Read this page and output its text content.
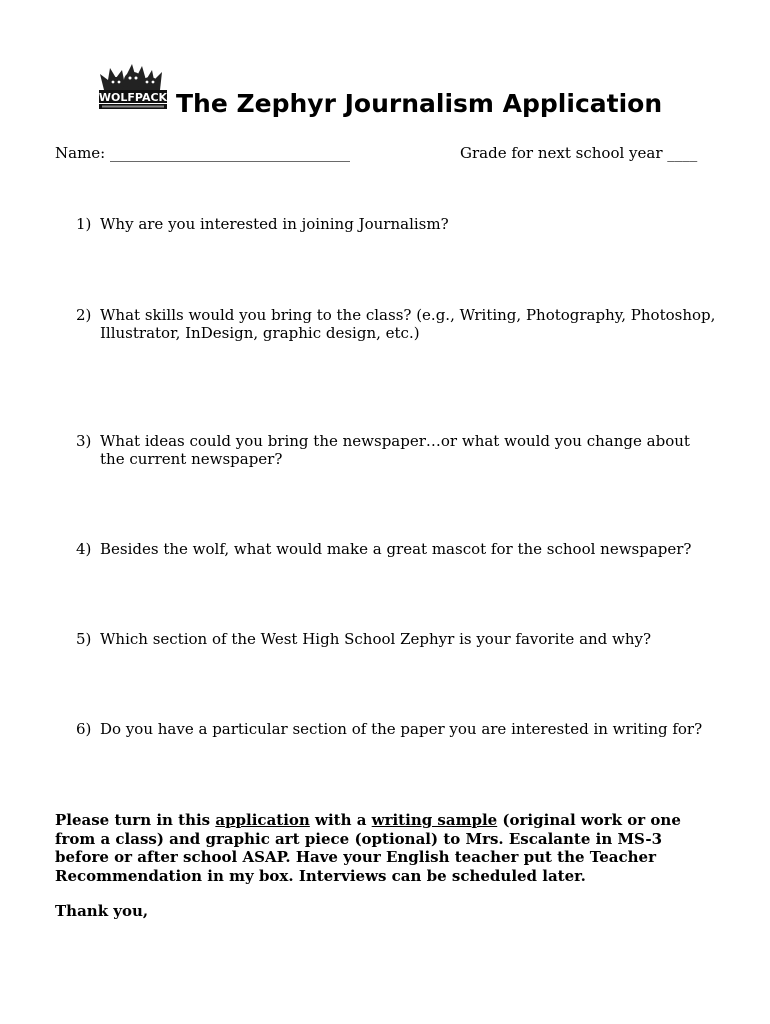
WOLFPACK The Zephyr Journalism Application
Name: ________________________________	Grade for next school year ____
1) Why are you interested in joining Journalism?
2) What skills would you bring to the class? (e.g., Writing, Photography, Photoshop, Illustrator, InDesign, graphic design, etc.)
3) What ideas could you bring the newspaper…or what would you change about the current newspaper?
4) Besides the wolf, what would make a great mascot for the school newspaper?
5) Which section of the West High School Zephyr is your favorite and why?
6) Do you have a particular section of the paper you are interested in writing for?
Please turn in this application with a writing sample (original work or one from a class) and graphic art piece (optional) to Mrs. Escalante in MS-3 before or after school ASAP. Have your English teacher put the Teacher Recommendation in my box. Interviews can be scheduled later.
Thank you,
